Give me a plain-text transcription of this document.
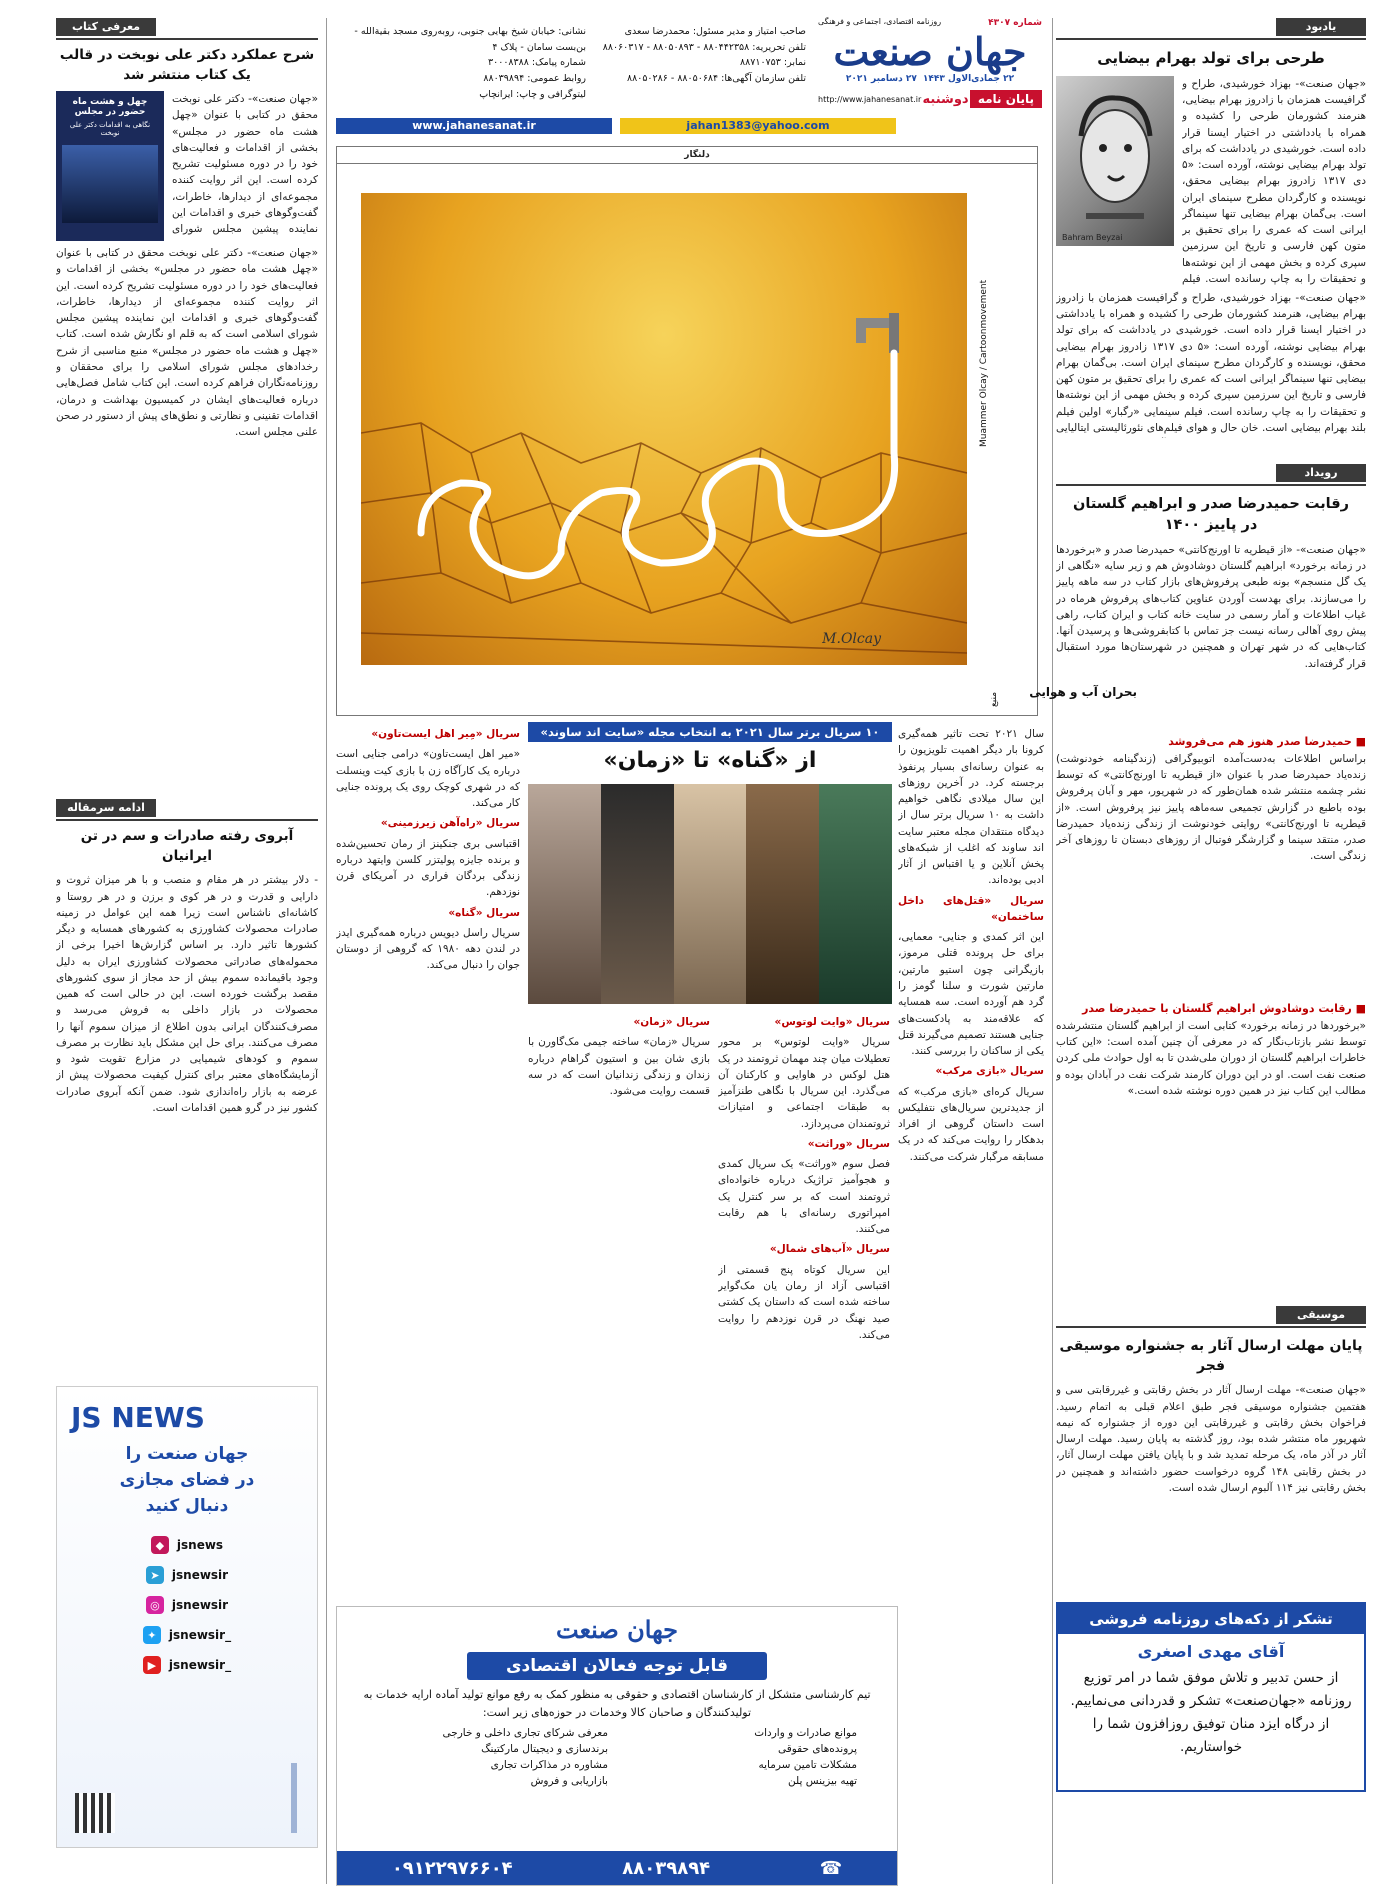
یادبود
طرحی برای تولد بهرام بیضایی
«جهان صنعت»- بهزاد خورشیدی، طراح و گرافیست همزمان با زادروز بهرام بیضایی، هنرمند کشورمان طرحی را کشیده و همراه با یادداشتی در اختیار ایسنا قرار داده است. خورشیدی در یادداشت که برای تولد بهرام بیضایی نوشته، آورده است: «۵ دی ۱۳۱۷ زادروز بهرام بیضایی محقق، نویسنده و کارگردان مطرح سینمای ایران است. بی‌گمان بهرام بیضایی تنها سینماگر ایرانی است که عمری را برای تحقیق بر متون کهن فارسی و تاریخ این سرزمین سپری کرده و بخش مهمی از این نوشته‌ها و تحقیقات را به چاپ رسانده است. فیلم
Bahram Beyzai
«جهان صنعت»- بهزاد خورشیدی، طراح و گرافیست همزمان با زادروز بهرام بیضایی، هنرمند کشورمان طرحی را کشیده و همراه با یادداشتی در اختیار ایسنا قرار داده است. خورشیدی در یادداشت که برای تولد بهرام بیضایی نوشته، آورده است: «۵ دی ۱۳۱۷ زادروز بهرام بیضایی محقق، نویسنده و کارگردان مطرح سینمای ایران است. بی‌گمان بهرام بیضایی تنها سینماگر ایرانی است که عمری را برای تحقیق بر متون کهن فارسی و تاریخ این سرزمین سپری کرده و بخش مهمی از این نوشته‌ها و تحقیقات را به چاپ رسانده است. فیلم سینمایی «رگبار» اولین فیلم بلند بهرام بیضایی است. خان حال و هوای فیلم‌های نئورئالیستی ایتالیایی
رویداد
رقابت حمیدرضا صدر و ابراهیم گلستان در پاییز ۱۴۰۰
«جهان صنعت»- «از قیطریه تا اورنج‌کانتی» حمیدرضا صدر و «برخوردها در زمانه برخورد» ابراهیم گلستان دوشادوش هم و زیر سایه «نگاهی از یک گل منسجم» بونه طبعی پرفروش‌های بازار کتاب در سه ماهه پاییز را می‌سازند. برای بهدست آوردن عناوین کتاب‌های پرفروش هرماه در غیاب اطلاعات و آمار رسمی در سایت خانه کتاب و ایران کتاب، راهی پیش روی آهالی رسانه نیست جز تماس با کتابفروشی‌ها و پرسیدن آنها. کتاب‌هایی که در شهر تهران و همچنین در شهرستان‌ها مورد استقبال قرار گرفته‌اند.
■ حمیدرضا صدر هنوز هم می‌فروشد
براساس اطلاعات به‌دست‌آمده اتوبیوگرافی (زندگینامه خودنوشت) زنده‌یاد حمیدرضا صدر با عنوان «از قیطریه تا اورنج‌کانتی» که توسط نشر چشمه منتشر شده همان‌طور که در شهریور، مهر و آبان پرفروش بوده باطبع در گزارش تجمیعی سه‌ماهه پاییز نیز پرفروش است. «از قیطریه تا اورنج‌کانتی» روایتی خودنوشت از زندگی زنده‌یاد حمیدرضا صدر، منتقد سینما و گزارشگر فوتبال از روزهای دبستان تا روزهای آخر زندگی است.
■ رقابت دوشادوش ابراهیم گلستان با حمیدرضا صدر
«برخوردها در زمانه برخورد» کتابی است از ابراهیم گلستان منتشرشده توسط نشر بازتاب‌نگار که در معرفی آن چنین آمده است: «این کتاب خاطرات ابراهیم گلستان از دوران ملی‌شدن تا به اول حوادث ملی کردن صنعت نفت است. او در این دوران کارمند شرکت نفت در آبادان بوده و مطالب این کتاب نیز در همین دوره نوشته شده است.»
موسیقی
پایان مهلت ارسال آثار به جشنواره موسیقی فجر
«جهان صنعت»- مهلت ارسال آثار در بخش رقابتی و غیررقابتی سی و هفتمین جشنواره موسیقی فجر طبق اعلام قبلی به اتمام رسید. فراخوان بخش رقابتی و غیررقابتی این دوره از جشنواره که نیمه شهریور ماه منتشر شده بود، روز گذشته به پایان رسید. مهلت ارسال آثار در آذر ماه، یک مرحله تمدید شد و با پایان یافتن مهلت ارسال آثار، در بخش رقابتی ۱۴۸ گروه درخواست حضور داشته‌اند و همچنین در بخش رقابتی نیز ۱۱۴ آلبوم ارسال شده است.
تشکر از دکه‌های روزنامه فروشی
آقای مهدی اصغری
از حسن تدبیر و تلاش موفق شما در امر توزیع روزنامه «جهان‌صنعت» تشکر و قدردانی می‌نماییم. از درگاه ایزد منان توفیق روزافزون شما را خواستاریم.
شماره ۴۳۰۷
روزنامه اقتصادی، اجتماعی و فرهنگی
جهان صنعت
۲۲ جمادی‌الاول ۱۴۴۳
۲۷ دسامبر ۲۰۲۱
پایان نامه
دوشنبه
http://www.jahanesanat.ir
صاحب امتیاز و مدیر مسئول: محمدرضا سعدی
تلفن تحریریه: ۸۸۰۴۴۲۳۵۸ - ۸۸۰۵۰۸۹۳ - ۸۸۰۶۰۳۱۷
نمابر: ۸۸۷۱۰۷۵۳
تلفن سازمان آگهی‌ها: ۸۸۰۵۰۶۸۴ - ۸۸۰۵۰۲۸۶
نشانی: خیابان شیخ بهایی جنوبی، روبه‌روی مسجد بقیةالله - بن‌بست سامان - پلاک ۴
شماره پیامک: ۳۰۰۰۸۳۸۸
روابط عمومی: ۸۸۰۳۹۸۹۴
لیتوگرافی و چاپ: ایرانچاپ
www.jahanesanat.ir	jahan1383@yahoo.com
دلنگار
M.Olcay
Muammer Olcay / Cartoonmovement
منبع	بحران آب و هوایی
۱۰ سریال برتر سال ۲۰۲۱ به انتخاب مجله «سایت اند ساوند»
از «گناه» تا «زمان»
سال ۲۰۲۱ تحت تاثیر همه‌گیری کرونا بار دیگر اهمیت تلویزیون را به عنوان رسانه‌ای بسیار پرنفوذ برجسته کرد. در آخرین روزهای این سال میلادی نگاهی خواهیم داشت به ۱۰ سریال برتر سال از دیدگاه منتقدان مجله معتبر سایت اند ساوند که اغلب از شبکه‌های پخش آنلاین و یا اقتباس از آثار ادبی بوده‌اند.
سریال «قتل‌های داخل ساختمان»
این اثر کمدی و جنایی- معمایی، برای حل پرونده قتلی مرموز، بازیگرانی چون استیو مارتین، مارتین شورت و سلنا گومز را گرد هم آورده است. سه همسایه که علاقه‌مند به پادکست‌های جنایی هستند تصمیم می‌گیرند قتل یکی از ساکنان را بررسی کنند.
سریال «بازی مرکب»
سریال کره‌ای «بازی مرکب» که از جدیدترین سریال‌های نتفلیکس است داستان گروهی از افراد بدهکار را روایت می‌کند که در یک مسابقه مرگبار شرکت می‌کنند.
سریال «وایت لوتوس»
سریال «وایت لوتوس» بر محور تعطیلات میان چند مهمان ثروتمند در یک هتل لوکس در هاوایی و کارکنان آن می‌گذرد. این سریال با نگاهی طنزآمیز به طبقات اجتماعی و امتیازات ثروتمندان می‌پردازد.
سریال «وراثت»
فصل سوم «وراثت» یک سریال کمدی و هجوآمیز تراژیک درباره خانواده‌ای ثروتمند است که بر سر کنترل یک امپراتوری رسانه‌ای با هم رقابت می‌کنند.
سریال «آب‌های شمال»
این سریال کوتاه پنج قسمتی از اقتباسی آزاد از رمان یان مک‌گوایر ساخته شده است که داستان یک کشتی صید نهنگ در قرن نوزدهم را روایت می‌کند.
سریال «زمان»
سریال «زمان» ساخته جیمی مک‌گاورن با بازی شان بین و استیون گراهام درباره زندان و زندگی زندانیان است که در سه قسمت روایت می‌شود.
سریال «مِیر اهل ایست‌تاون»
«میر اهل ایست‌تاون» درامی جنایی است درباره یک کارآگاه زن با بازی کیت وینسلت که در شهری کوچک روی یک پرونده جنایی کار می‌کند.
سریال «راه‌آهن زیرزمینی»
اقتباسی بری جنکینز از رمان تحسین‌شده و برنده جایزه پولیتزر کلسن وایتهد درباره زندگی بردگان فراری در آمریکای قرن نوزدهم.
سریال «گناه»
سریال راسل دیویس درباره همه‌گیری ایدز در لندن دهه ۱۹۸۰ که گروهی از دوستان جوان را دنبال می‌کند.
جهان صنعت
قابل توجه فعالان اقتصادی
تیم کارشناسی متشکل از کارشناسان اقتصادی و حقوقی به منظور کمک به رفع موانع تولید آماده ارایه خدمات به تولیدکنندگان و صاحبان کالا وخدمات در حوزه‌های زیر است:
موانع صادرات و واردات
معرفی شرکای تجاری داخلی و خارجی
پرونده‌های حقوقی
برندسازی و دیجیتال مارکتینگ
مشکلات تامین سرمایه
مشاوره در مذاکرات تجاری
تهیه بیزینس پلن
بازاریابی و فروش
☎
۸۸۰۳۹۸۹۴
۰۹۱۲۲۹۷۶۶۰۴
معرفی کتاب
شرح عملکرد دکتر علی نوبخت در قالب یک کتاب منتشر شد
چهل و هشت ماه حضور در مجلس
نگاهی به اقدامات دکتر علی نوبخت
«جهان صنعت»- دکتر علی نوبخت محقق در کتابی با عنوان «چهل هشت ماه حضور در مجلس» بخشی از اقدامات و فعالیت‌های خود را در دوره مسئولیت تشریح کرده است. این اثر روایت کننده مجموعه‌ای از دیدارها، خاطرات، گفت‌وگوهای خبری و اقدامات این نماینده پیشین مجلس شورای
«جهان صنعت»- دکتر علی نوبخت محقق در کتابی با عنوان «چهل هشت ماه حضور در مجلس» بخشی از اقدامات و فعالیت‌های خود را در دوره مسئولیت تشریح کرده است. این اثر روایت کننده مجموعه‌ای از دیدارها، خاطرات، گفت‌وگوهای خبری و اقدامات این نماینده پیشین مجلس شورای اسلامی است که به قلم او نگارش شده است. کتاب «چهل و هشت ماه حضور در مجلس» منبع مناسبی از شرح رخدادهای مجلس شورای اسلامی را برای محققان و روزنامه‌نگاران فراهم کرده است. این کتاب شامل فصل‌هایی درباره فعالیت‌های ایشان در کمیسیون بهداشت و درمان، اقدامات تقنینی و نظارتی و نطق‌های پیش از دستور در صحن علنی مجلس است.
ادامه سرمقاله
آبروی رفته صادرات و سم در تن ایرانیان
- دلار بیشتر در هر مقام و منصب و با هر میزان ثروت و دارایی و قدرت و در هر کوی و برزن و در هر روستا و کاشانه‌ای ناشناس است زیرا همه این عوامل در زمینه صادرات محصولات کشاورزی به کشورهای همسایه و دیگر کشورها تاثیر دارد. بر اساس گزارش‌ها اخیرا برخی از محموله‌های صادراتی محصولات کشاورزی ایران به دلیل وجود باقیمانده سموم بیش از حد مجاز از سوی کشورهای مقصد برگشت خورده است. این در حالی است که همین محصولات در بازار داخلی به فروش می‌رسد و مصرف‌کنندگان ایرانی بدون اطلاع از میزان سموم آنها را مصرف می‌کنند. برای حل این مشکل باید نظارت بر مصرف سموم و کودهای شیمیایی در مزارع تقویت شود و آزمایشگاه‌های معتبر برای کنترل کیفیت محصولات پیش از عرضه به بازار راه‌اندازی شود. ضمن آنکه آبروی صادرات کشور نیز در گرو همین اقدامات است.
JS NEWS
جهان صنعت را
در فضای مجازی
دنبال کنید
◆	jsnews
➤	jsnewsir
◎	jsnewsir
✦	jsnewsir_
▶	jsnewsir_
